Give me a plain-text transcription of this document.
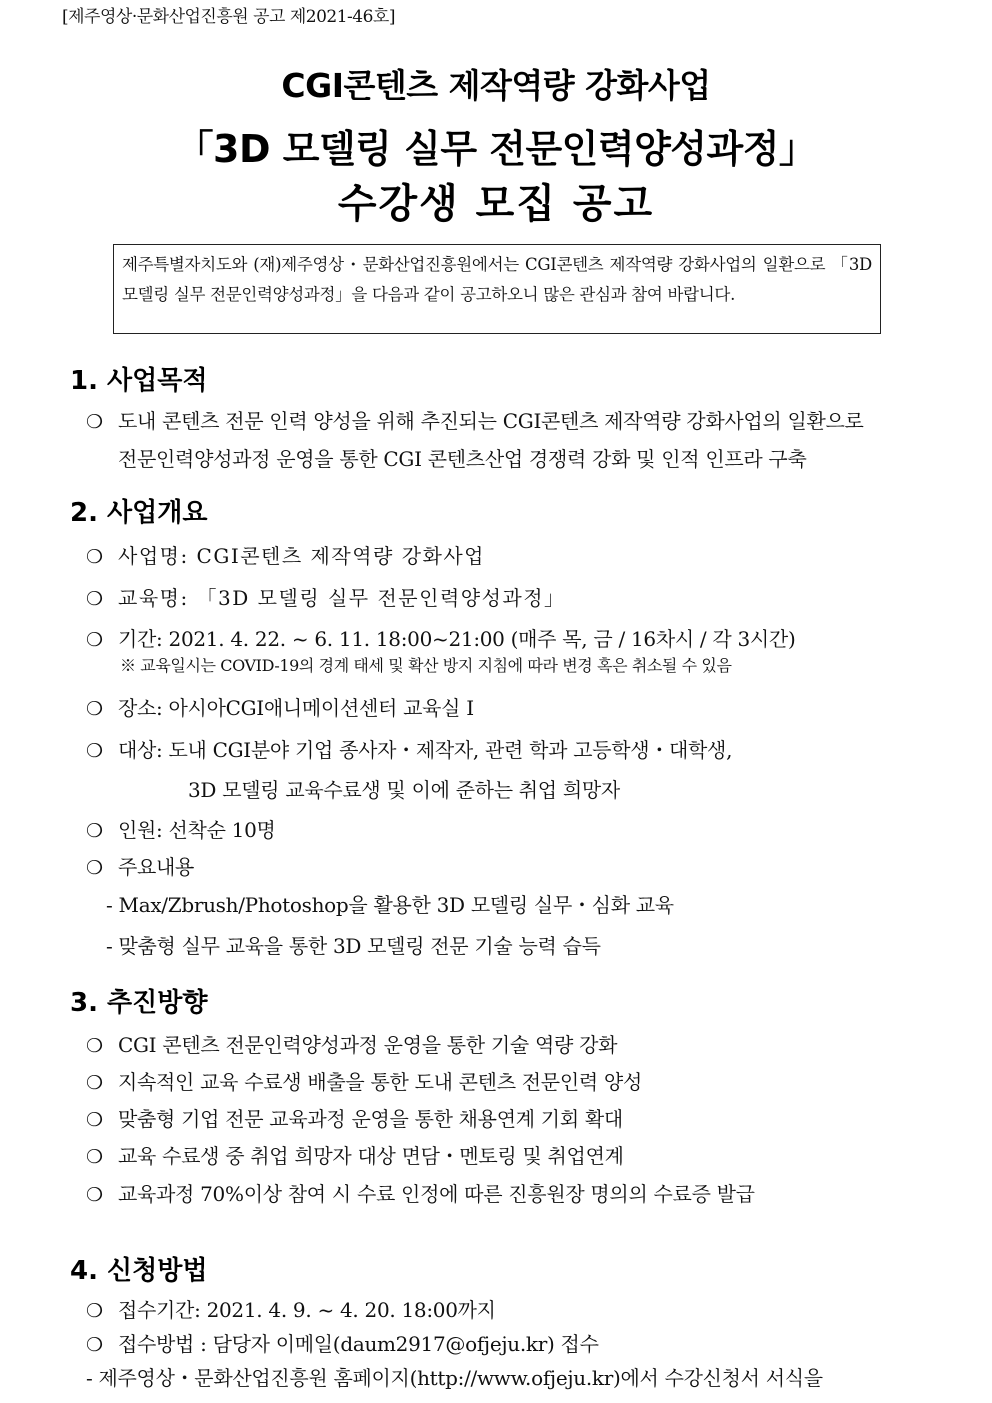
[제주영상·문화산업진흥원 공고 제2021-46호]
CGI콘텐츠 제작역량 강화사업
「3D 모델링 실무 전문인력양성과정」
수강생 모집 공고
제주특별자치도와 (재)제주영상・문화산업진흥원에서는 CGI콘텐츠 제작역량 강화사업의 일환으로 「3D 모델링 실무 전문인력양성과정」을 다음과 같이 공고하오니 많은 관심과 참여 바랍니다.
1. 사업목적
❍ 도내 콘텐츠 전문 인력 양성을 위해 추진되는 CGI콘텐츠 제작역량 강화사업의 일환으로
전문인력양성과정 운영을 통한 CGI 콘텐츠산업 경쟁력 강화 및 인적 인프라 구축
2. 사업개요
❍ 사업명: CGI콘텐츠 제작역량 강화사업
❍ 교육명: 「3D 모델링 실무 전문인력양성과정」
❍ 기간: 2021. 4. 22. ~ 6. 11. 18:00~21:00 (매주 목, 금 / 16차시 / 각 3시간)
※ 교육일시는 COVID-19의 경계 태세 및 확산 방지 지침에 따라 변경 혹은 취소될 수 있음
❍ 장소: 아시아CGI애니메이션센터 교육실 I
❍ 대상: 도내 CGI분야 기업 종사자・제작자, 관련 학과 고등학생・대학생,
3D 모델링 교육수료생 및 이에 준하는 취업 희망자
❍ 인원: 선착순 10명
❍ 주요내용
- Max/Zbrush/Photoshop을 활용한 3D 모델링 실무・심화 교육
- 맞춤형 실무 교육을 통한 3D 모델링 전문 기술 능력 습득
3. 추진방향
❍ CGI 콘텐츠 전문인력양성과정 운영을 통한 기술 역량 강화
❍ 지속적인 교육 수료생 배출을 통한 도내 콘텐츠 전문인력 양성
❍ 맞춤형 기업 전문 교육과정 운영을 통한 채용연계 기회 확대
❍ 교육 수료생 중 취업 희망자 대상 면담・멘토링 및 취업연계
❍ 교육과정 70%이상 참여 시 수료 인정에 따른 진흥원장 명의의 수료증 발급
4. 신청방법
❍ 접수기간: 2021. 4. 9. ~ 4. 20. 18:00까지
❍ 접수방법 : 담당자 이메일(daum2917@ofjeju.kr) 접수
- 제주영상・문화산업진흥원 홈페이지(http://www.ofjeju.kr)에서 수강신청서 서식을
